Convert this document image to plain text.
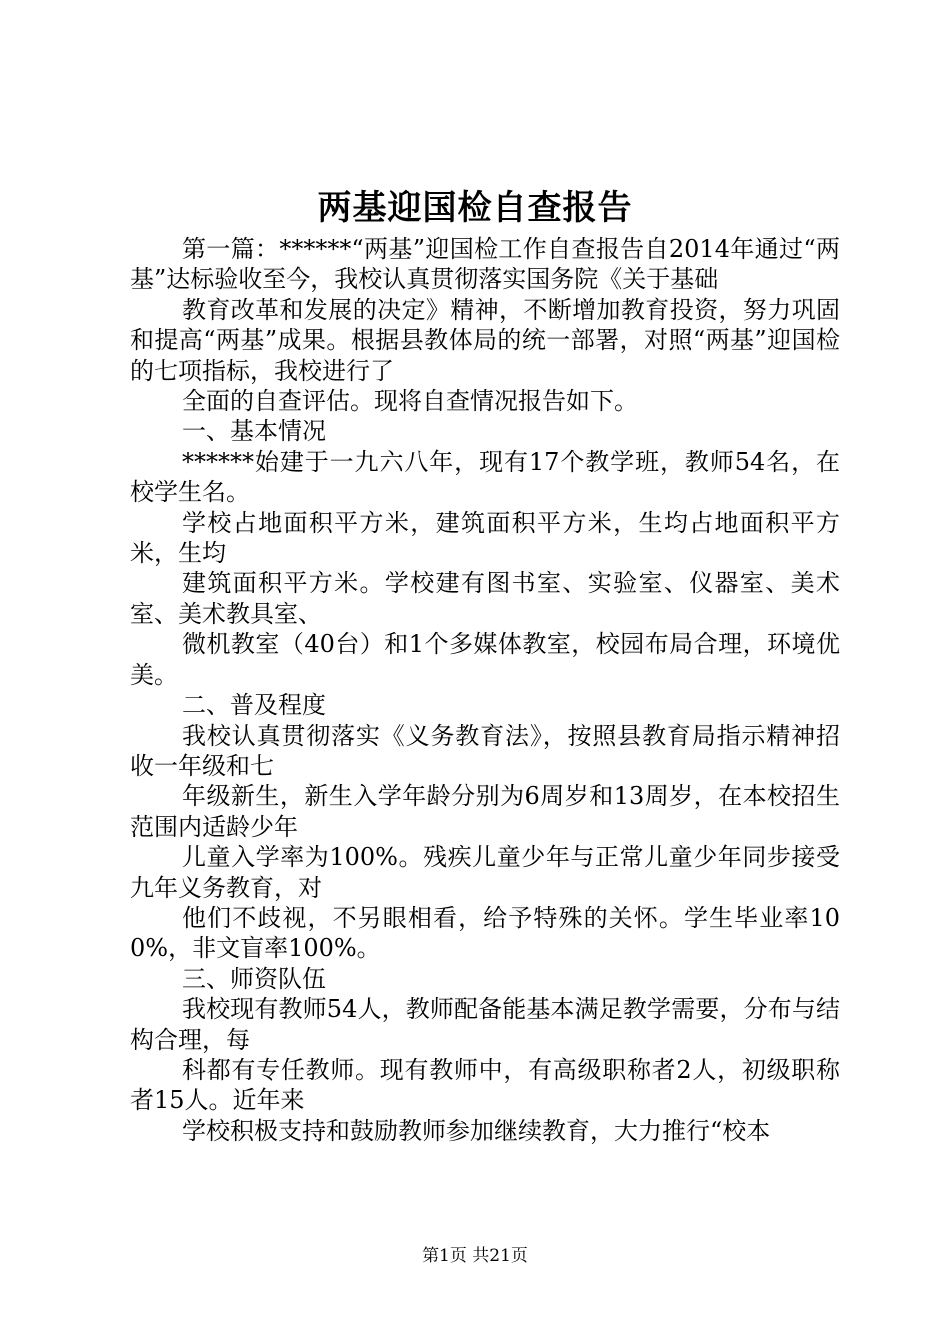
两基迎国检自查报告

第一篇：******“两基”迎国检工作自查报告自2014年通过“两基”达标验收至今，我校认真贯彻落实国务院《关于基础

教育改革和发展的决定》精神，不断增加教育投资，努力巩固和提高“两基”成果。根据县教体局的统一部署，对照“两基”迎国检的七项指标，我校进行了

全面的自查评估。现将自查情况报告如下。

一、基本情况

******始建于一九六八年，现有17个教学班，教师54名，在校学生名。

学校占地面积平方米，建筑面积平方米，生均占地面积平方米，生均

建筑面积平方米。学校建有图书室、实验室、仪器室、美术室、美术教具室、

微机教室（40台）和1个多媒体教室，校园布局合理，环境优美。

二、普及程度

我校认真贯彻落实《义务教育法》，按照县教育局指示精神招收一年级和七

年级新生，新生入学年龄分别为6周岁和13周岁，在本校招生范围内适龄少年

儿童入学率为100%。残疾儿童少年与正常儿童少年同步接受九年义务教育，对

他们不歧视，不另眼相看，给予特殊的关怀。学生毕业率100%，非文盲率100%。

三、师资队伍

我校现有教师54人，教师配备能基本满足教学需要，分布与结构合理，每

科都有专任教师。现有教师中，有高级职称者2人，初级职称者15人。近年来

学校积极支持和鼓励教师参加继续教育，大力推行“校本

第1页 共21页
